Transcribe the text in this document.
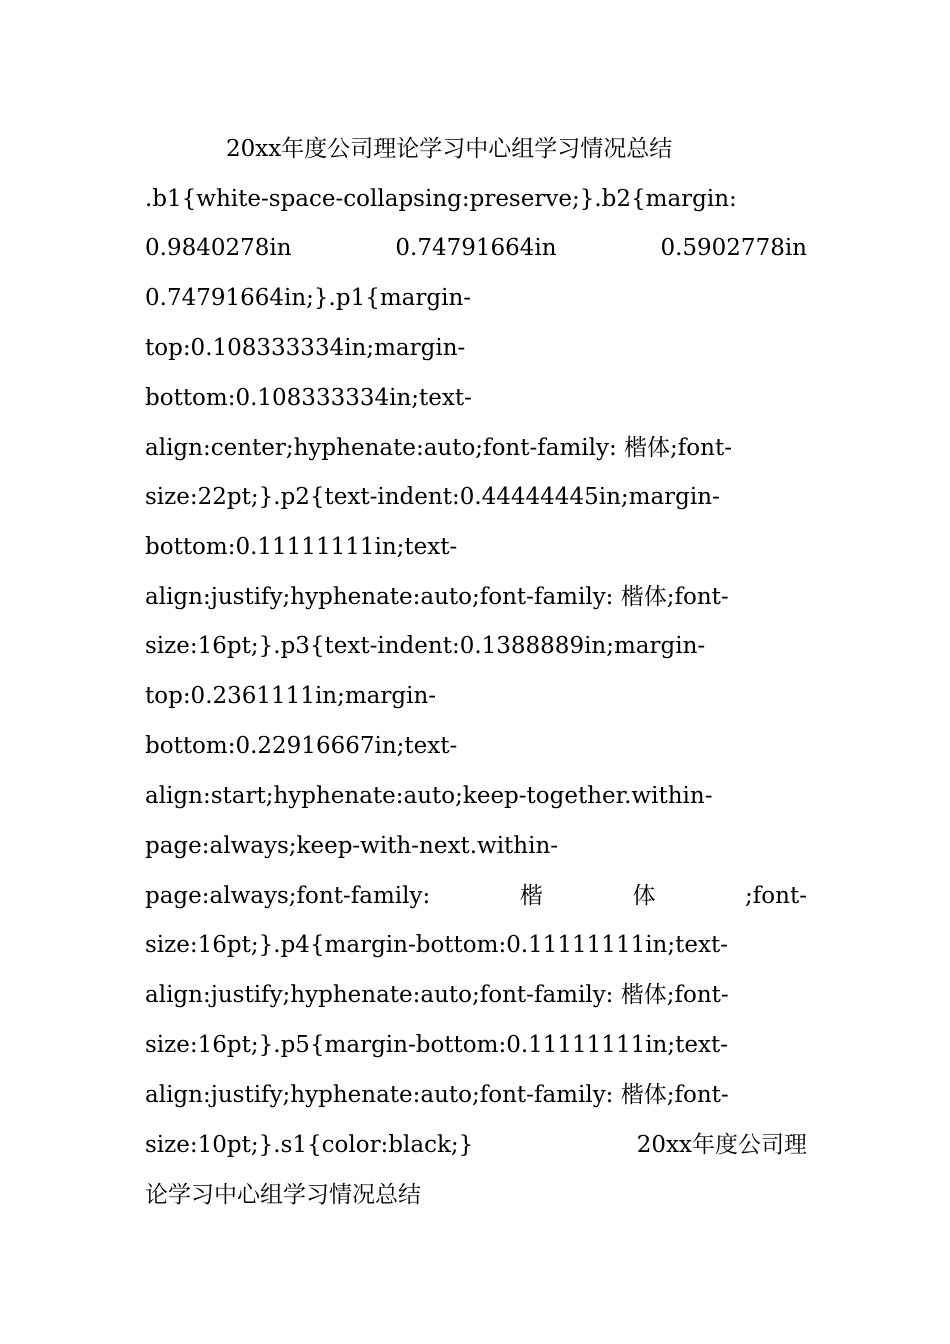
20xx年度公司理论学习中心组学习情况总结
.b1{white-space-collapsing:preserve;}.b2{margin:
0.9840278in	0.74791664in	0.5902778in
0.74791664in;}.p1{margin-
top:0.108333334in;margin-
bottom:0.108333334in;text-
align:center;hyphenate:auto;font-family: 楷体;font-
size:22pt;}.p2{text-indent:0.44444445in;margin-
bottom:0.11111111in;text-
align:justify;hyphenate:auto;font-family: 楷体;font-
size:16pt;}.p3{text-indent:0.1388889in;margin-
top:0.2361111in;margin-
bottom:0.22916667in;text-
align:start;hyphenate:auto;keep-together.within-
page:always;keep-with-next.within-
page:always;font-family:	楷	体	;font-
size:16pt;}.p4{margin-bottom:0.11111111in;text-
align:justify;hyphenate:auto;font-family: 楷体;font-
size:16pt;}.p5{margin-bottom:0.11111111in;text-
align:justify;hyphenate:auto;font-family: 楷体;font-
size:10pt;}.s1{color:black;}	20xx年度公司理
论学习中心组学习情况总结
